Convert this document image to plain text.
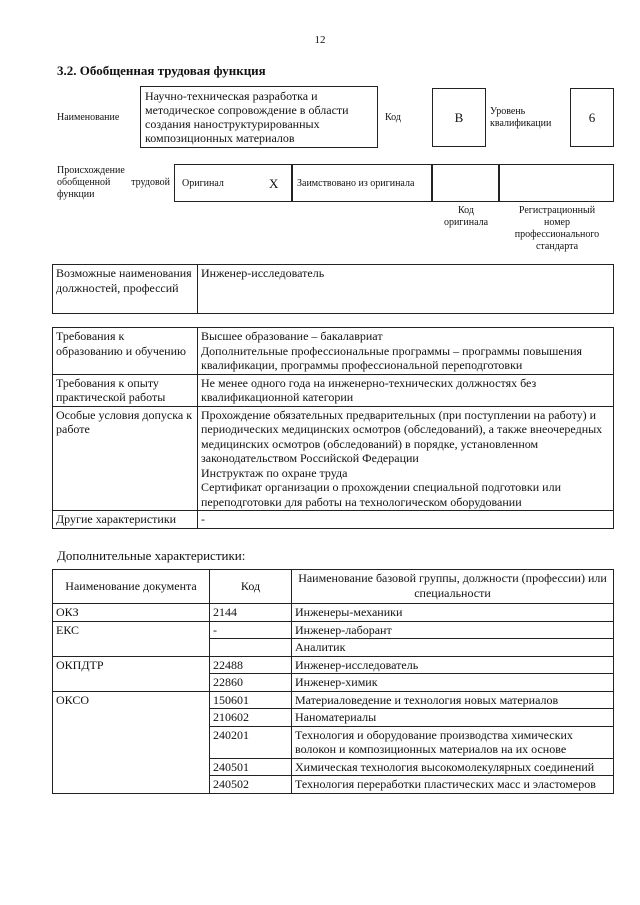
12
3.2. Обобщенная трудовая функция
Наименование
Научно-техническая разработка и методическое сопровождение в области создания наноструктурированных композиционных материалов
Код	B	Уровень квалификации	6
Происхождение обобщенной трудовой функции
Оригинал	X Заимствовано из оригинала
Код оригинала
Регистрационный номер профессионального стандарта
Возможные наименования должностей, профессий	Инженер-исследователь
Требования к образованию и обучению	Высшее образование – бакалавриат
Дополнительные профессиональные программы – программы повышения квалификации, программы профессиональной переподготовки

Требования к опыту практической работы	Не менее одного года на инженерно-технических должностях без квалификационной категории

Особые условия допуска к работе	Прохождение обязательных предварительных (при поступлении на работу) и периодических медицинских осмотров (обследований), а также внеочередных медицинских осмотров (обследований) в порядке, установленном законодательством Российской Федерации
Инструктаж по охране труда
Сертификат организации о прохождении специальной подготовки или переподготовки для работы на технологическом оборудовании

Другие характеристики	-
Дополнительные характеристики:
Наименование документа	Код	Наименование базовой группы, должности (профессии) или специальности
ОКЗ	2144	Инженеры-механики
ЕКС	-	Инженер-лаборант
		Аналитик
ОКПДТР	22488	Инженер-исследователь
	22860	Инженер-химик
ОКСО	150601	Материаловедение и технология новых материалов
	210602	Наноматериалы
	240201	Технология и оборудование производства химических волокон и композиционных материалов на их основе
	240501	Химическая технология высокомолекулярных соединений
	240502	Технология переработки пластических масс и эластомеров
